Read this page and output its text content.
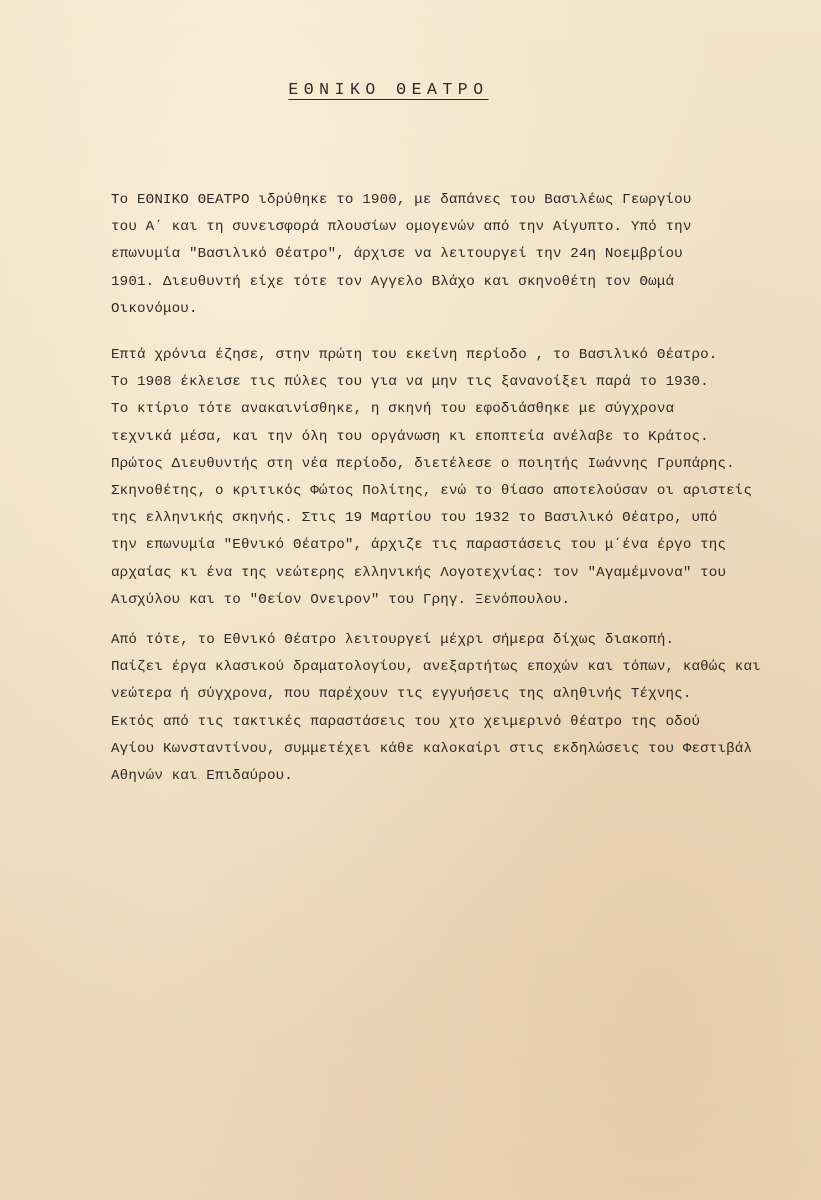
ΕΘΝΙΚΟ ΘΕΑΤΡΟ
Το ΕΘΝΙΚΟ ΘΕΑΤΡΟ ιδρύθηκε το 1900, με δαπάνες του Βασιλέως Γεωργίου
του Α΄ και τη συνεισφορά πλουσίων ομογενών από την Αίγυπτο. Υπό την
επωνυμία "Βασιλικό Θέατρο", άρχισε να λειτουργεί την 24η Νοεμβρίου
1901. Διευθυντή είχε τότε τον Αγγελο Βλάχο και σκηνοθέτη τον Θωμά
Οικονόμου.
Επτά χρόνια έζησε, στην πρώτη του εκείνη περίοδο , το Βασιλικό Θέατρο.
Το 1908 έκλεισε τις πύλες του για να μην τις ξανανοίξει παρά το 1930.
Το κτίριο τότε ανακαινίσθηκε, η σκηνή του εφοδιάσθηκε με σύγχρονα
τεχνικά μέσα, και την όλη του οργάνωση κι εποπτεία ανέλαβε το Κράτος.
Πρώτος Διευθυντής στη νέα περίοδο, διετέλεσε ο ποιητής Ιωάννης Γρυπάρης.
Σκηνοθέτης, ο κριτικός Φώτος Πολίτης, ενώ το θίασο αποτελούσαν οι αριστείς
της ελληνικής σκηνής. Στις 19 Μαρτίου του 1932 το Βασιλικό Θέατρο, υπό
την επωνυμία "Εθνικό Θέατρο", άρχιζε τις παραστάσεις του μ΄ένα έργο της
αρχαίας κι ένα της νεώτερης ελληνικής Λογοτεχνίας: τον "Αγαμέμνονα" του
Αισχύλου και το "Θείον Ονειρον" του Γρηγ. Ξενόπουλου.
Από τότε, το Εθνικό Θέατρο λειτουργεί μέχρι σήμερα δίχως διακοπή.
Παίζει έργα κλασικού δραματολογίου, ανεξαρτήτως εποχών και τόπων, καθώς και
νεώτερα ή σύγχρονα, που παρέχουν τις εγγυήσεις της αληθινής Τέχνης.
Εκτός από τις τακτικές παραστάσεις του χτο χειμερινό θέατρο της οδού
Αγίου Κωνσταντίνου, συμμετέχει κάθε καλοκαίρι στις εκδηλώσεις του Φεστιβάλ
Αθηνών και Επιδαύρου.
